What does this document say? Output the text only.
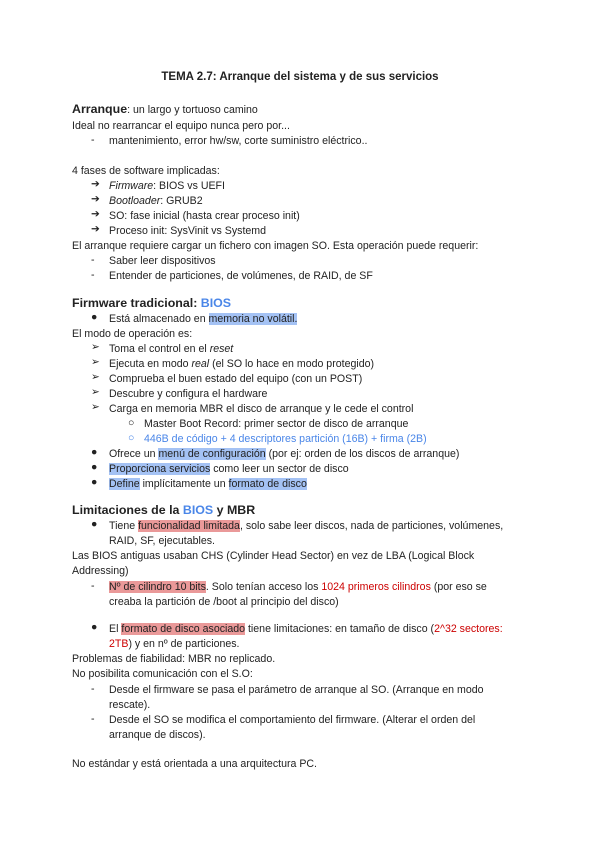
TEMA 2.7: Arranque del sistema y de sus servicios
Arranque: un largo y tortuoso camino
Ideal no rearrancar el equipo nunca pero por...
- mantenimiento, error hw/sw, corte suministro eléctrico..
4 fases de software implicadas:
➔ Firmware: BIOS vs UEFI
➔ Bootloader: GRUB2
➔ SO: fase inicial (hasta crear proceso init)
➔ Proceso init: SysVinit vs Systemd
El arranque requiere cargar un fichero con imagen SO. Esta operación puede requerir:
- Saber leer dispositivos
- Entender de particiones, de volúmenes, de RAID, de SF
Firmware tradicional: BIOS
● Está almacenado en memoria no volátil.
El modo de operación es:
➢ Toma el control en el reset
➢ Ejecuta en modo real (el SO lo hace en modo protegido)
➢ Comprueba el buen estado del equipo (con un POST)
➢ Descubre y configura el hardware
➢ Carga en memoria MBR el disco de arranque y le cede el control
○ Master Boot Record: primer sector de disco de arranque
○ 446B de código + 4 descriptores partición (16B) + firma (2B)
● Ofrece un menú de configuración (por ej: orden de los discos de arranque)
● Proporciona servicios como leer un sector de disco
● Define implícitamente un formato de disco
Limitaciones de la BIOS y MBR
● Tiene funcionalidad limitada, solo sabe leer discos, nada de particiones, volúmenes,
RAID, SF, ejecutables.
Las BIOS antiguas usaban CHS (Cylinder Head Sector) en vez de LBA (Logical Block
Addressing)
- Nº de cilindro 10 bits. Solo tenían acceso los 1024 primeros cilindros (por eso se
creaba la partición de /boot al principio del disco)
● El formato de disco asociado tiene limitaciones: en tamaño de disco (2^32 sectores:
2TB) y en nº de particiones.
Problemas de fiabilidad: MBR no replicado.
No posibilita comunicación con el S.O:
- Desde el firmware se pasa el parámetro de arranque al SO. (Arranque en modo
rescate).
- Desde el SO se modifica el comportamiento del firmware. (Alterar el orden del
arranque de discos).
No estándar y está orientada a una arquitectura PC.
